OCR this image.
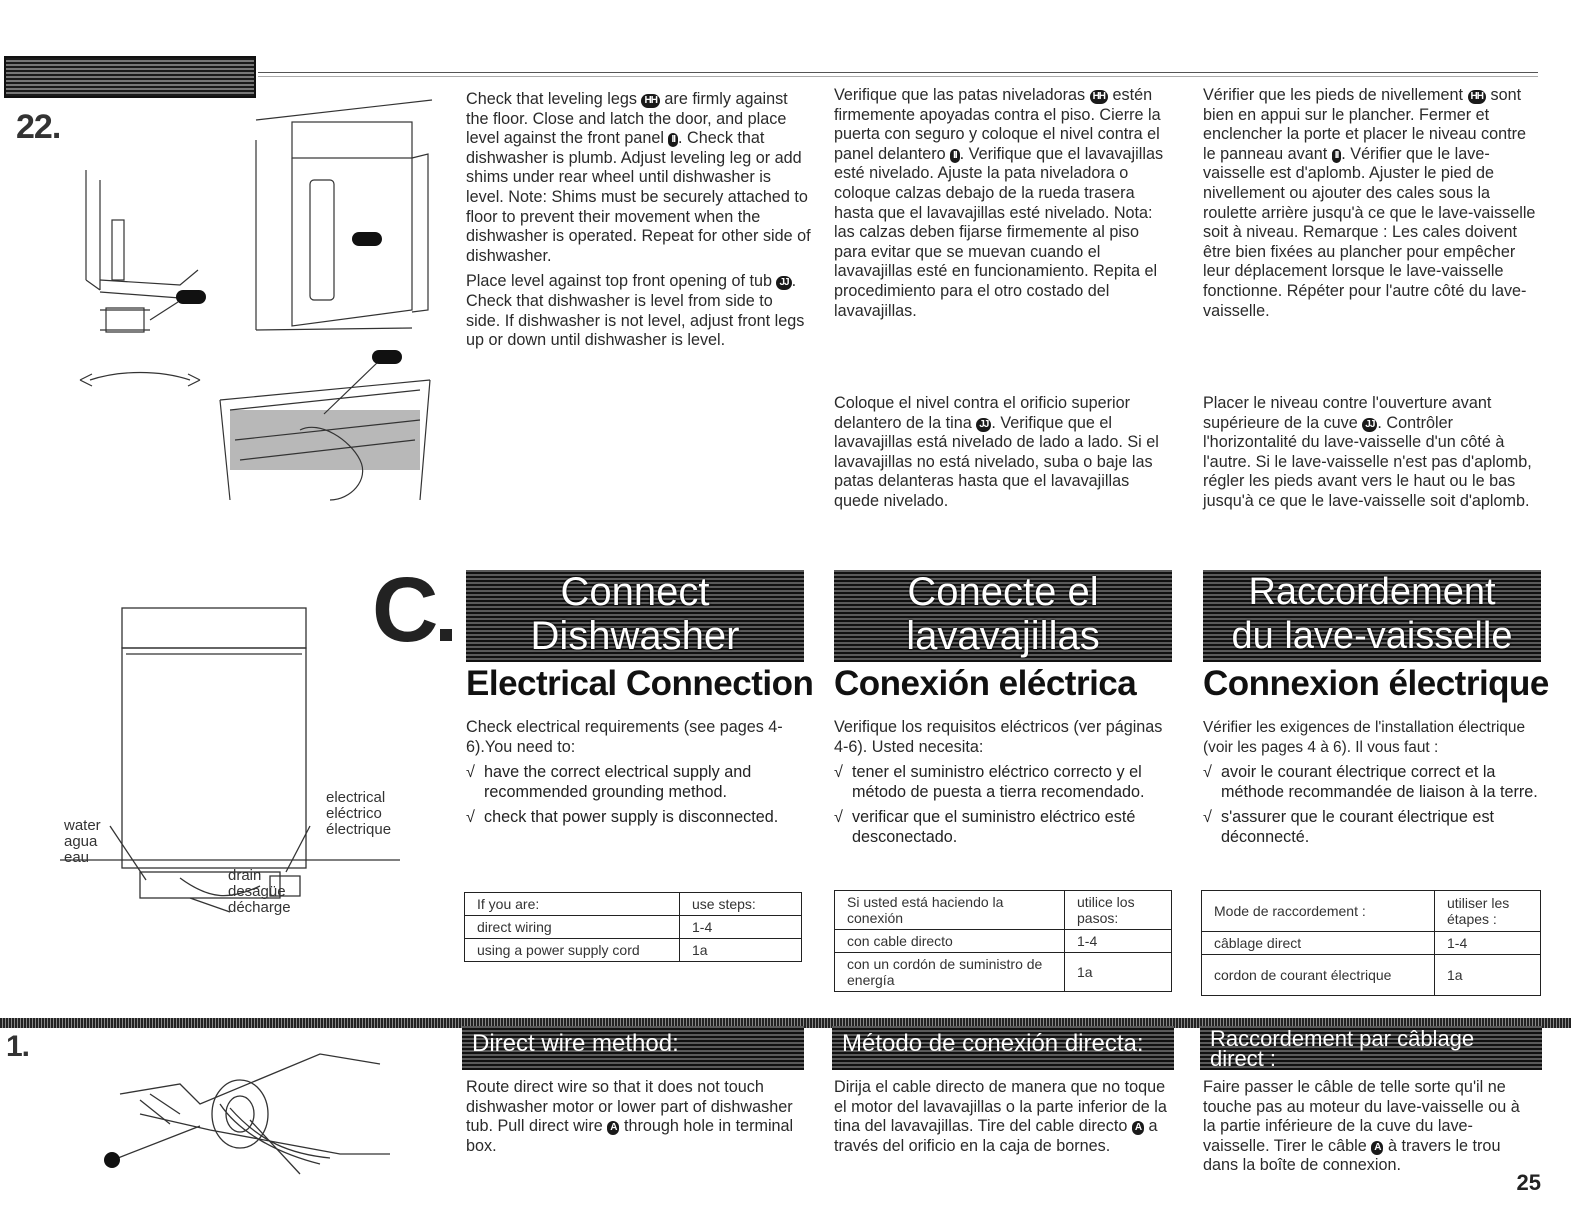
22.

Check that leveling legs HH are firmly against the floor. Close and latch the door, and place level against the front panel II . Check that dishwasher is plumb. Adjust leveling leg or add shims under rear wheel until dishwasher is level. Note: Shims must be securely attached to floor to prevent their movement when the dishwasher is operated. Repeat for other side of dishwasher.

Place level against top front opening of tub JJ . Check that dishwasher is level from side to side. If dishwasher is not level, adjust front legs up or down until dishwasher is level.

Verifique que las patas niveladoras HH estén firmemente apoyadas contra el piso. Cierre la puerta con seguro y coloque el nivel contra el panel delantero II . Verifique que el lavavajillas esté nivelado. Ajuste la pata niveladora o coloque calzas debajo de la rueda trasera hasta que el lavavajillas esté nivelado. Nota: las calzas deben fijarse firmemente al piso para evitar que se muevan cuando el lavavajillas esté en funcionamiento. Repita el procedimiento para el otro costado del lavavajillas.

Coloque el nivel contra el orificio superior delantero de la tina JJ . Verifique que el lavavajillas está nivelado de lado a lado. Si el lavavajillas no está nivelado, suba o baje las patas delanteras hasta que el lavavajillas quede nivelado.

Vérifier que les pieds de nivellement HH sont bien en appui sur le plancher. Fermer et enclencher la porte et placer le niveau contre le panneau avant II . Vérifier que le lave-vaisselle est d'aplomb. Ajuster le pied de nivellement ou ajouter des cales sous la roulette arrière jusqu'à ce que le lave-vaisselle soit à niveau. Remarque : Les cales doivent être bien fixées au plancher pour empêcher leur déplacement lorsque le lave-vaisselle fonctionne. Répéter pour l'autre côté du lave-vaisselle.

Placer le niveau contre l'ouverture avant supérieure de la cuve JJ . Contrôler l'horizontalité du lave-vaisselle d'un côté à l'autre. Si le lave-vaisselle n'est pas d'aplomb, régler les pieds avant vers le haut ou le bas jusqu'à ce que le lave-vaisselle soit d'aplomb.

C	Connect
Dishwasher
Conecte el
lavavajillas
Raccordement
du lave-vaisselle
Electrical Connection Conexión eléctrica Connexion électrique
electrical
eléctrico
électrique
water
agua
eau
drain
desagüe
décharge

Check electrical requirements (see pages 4-6).You need to:

√ have the correct electrical supply and recommended grounding method.
√ check that power supply is disconnected.

Verifique los requisitos eléctricos (ver páginas 4-6). Usted necesita:

√ tener el suministro eléctrico correcto y el método de puesta a tierra recomendado.
√ verificar que el suministro eléctrico esté desconectado.

Vérifier les exigences de l'installation électrique (voir les pages 4 à 6). Il vous faut :

√ avoir le courant électrique correct et la méthode recommandée de liaison à la terre.
√ s'assurer que le courant électrique est déconnecté.
If you are:	use steps:
direct wiring	1-4
using a power supply cord	1a
Si usted está haciendo la conexión	utilice los pasos:
con cable directo	1-4
con un cordón de suministro de energía	1a
Mode de raccordement :	utiliser les étapes :
câblage direct	1-4
cordon de courant électrique	1a
1.	Direct wire method:	Método de conexión directa:	Raccordement par câblage
direct :

Route direct wire so that it does not touch dishwasher motor or lower part of dishwasher tub. Pull direct wire A through hole in terminal box.

Dirija el cable directo de manera que no toque el motor del lavavajillas o la parte inferior de la tina del lavavajillas. Tire del cable directo A a través del orificio en la caja de bornes.

Faire passer le câble de telle sorte qu'il ne touche pas au moteur du lave-vaisselle ou à la partie inférieure de la cuve du lave-vaisselle. Tirer le câble A à travers le trou dans la boîte de connexion.

25
